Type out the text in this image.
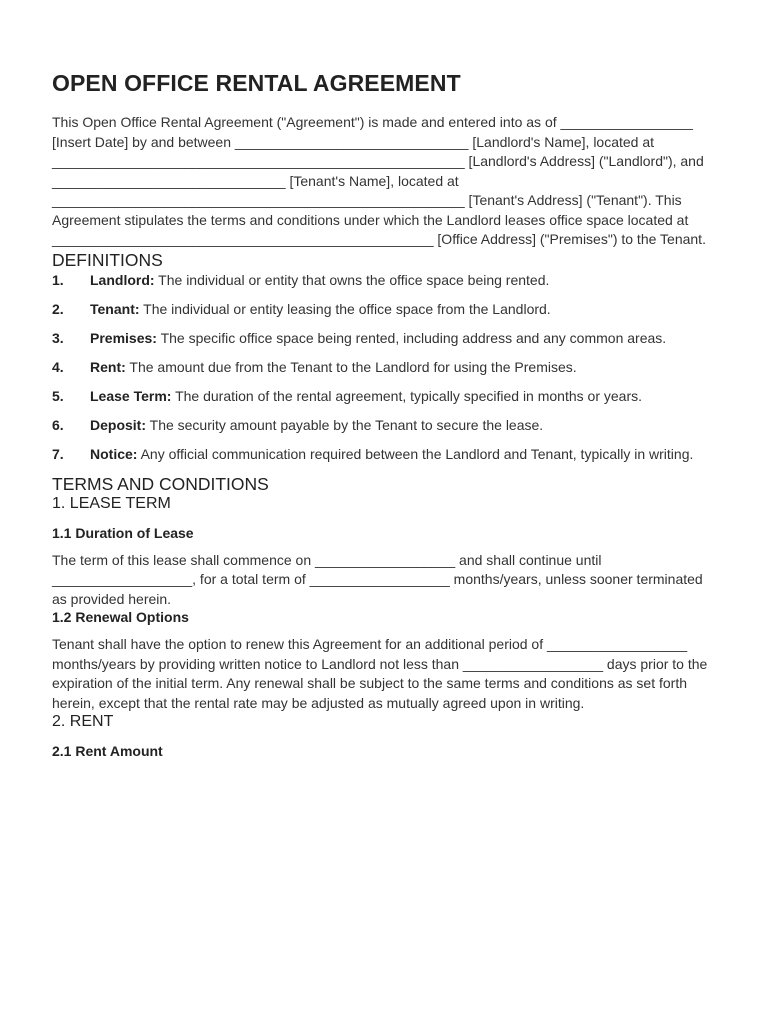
OPEN OFFICE RENTAL AGREEMENT

This Open Office Rental Agreement ("Agreement") is made and entered into as of _________________ [Insert Date] by and between ______________________________ [Landlord's Name], located at _____________________________________________________ [Landlord's Address] ("Landlord"), and ______________________________ [Tenant's Name], located at _____________________________________________________ [Tenant's Address] ("Tenant"). This Agreement stipulates the terms and conditions under which the Landlord leases office space located at _________________________________________________ [Office Address] ("Premises") to the Tenant.

DEFINITIONS
1.	Landlord: The individual or entity that owns the office space being rented.
2.	Tenant: The individual or entity leasing the office space from the Landlord.
3.	Premises: The specific office space being rented, including address and any common areas.
4.	Rent: The amount due from the Tenant to the Landlord for using the Premises.
5.	Lease Term: The duration of the rental agreement, typically specified in months or years.
6.	Deposit: The security amount payable by the Tenant to secure the lease.
7.	Notice: Any official communication required between the Landlord and Tenant, typically in writing.
TERMS AND CONDITIONS
1. LEASE TERM
1.1 Duration of Lease

The term of this lease shall commence on __________________ and shall continue until __________________, for a total term of __________________ months/years, unless sooner terminated as provided herein.

1.2 Renewal Options

Tenant shall have the option to renew this Agreement for an additional period of __________________ months/years by providing written notice to Landlord not less than __________________ days prior to the expiration of the initial term. Any renewal shall be subject to the same terms and conditions as set forth herein, except that the rental rate may be adjusted as mutually agreed upon in writing.

2. RENT
2.1 Rent Amount
